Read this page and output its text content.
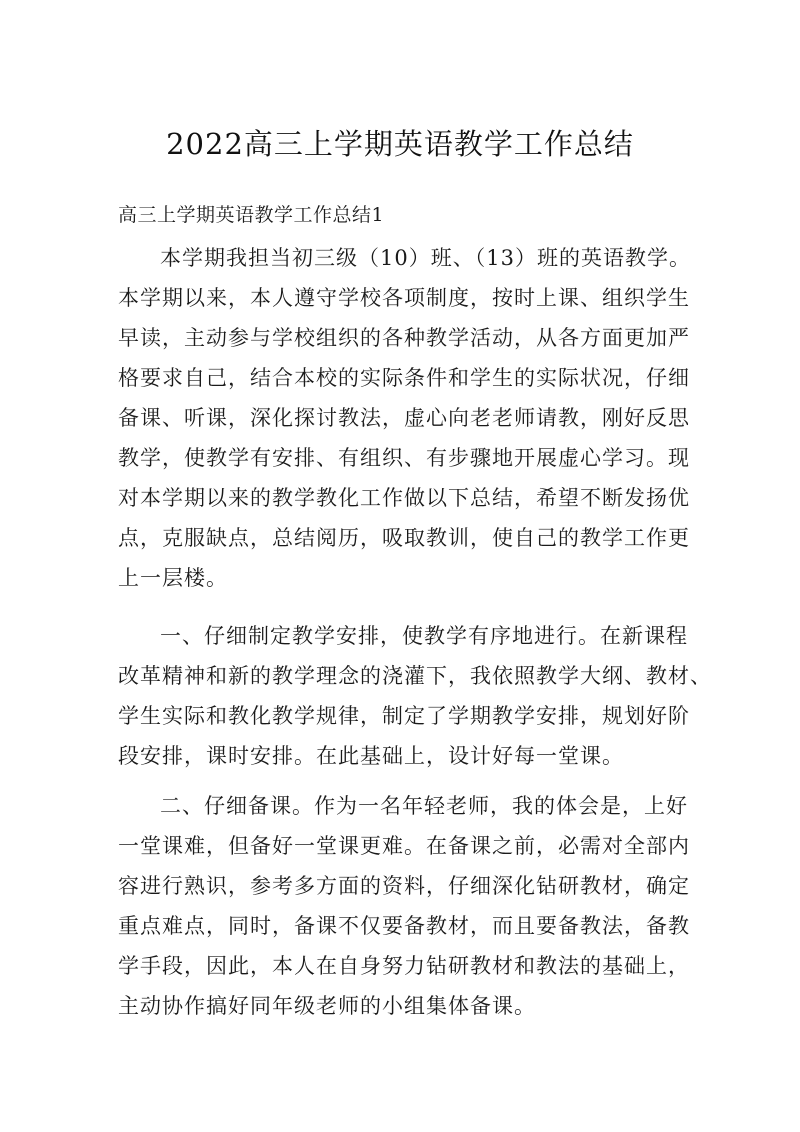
2022高三上学期英语教学工作总结
高三上学期英语教学工作总结1
本学期我担当初三级（10）班、（13）班的英语教学。
本学期以来，本人遵守学校各项制度，按时上课、组织学生
早读，主动参与学校组织的各种教学活动，从各方面更加严
格要求自己，结合本校的实际条件和学生的实际状况，仔细
备课、听课，深化探讨教法，虚心向老老师请教，刚好反思
教学，使教学有安排、有组织、有步骤地开展虚心学习。现
对本学期以来的教学教化工作做以下总结，希望不断发扬优
点，克服缺点，总结阅历，吸取教训，使自己的教学工作更
上一层楼。
一、仔细制定教学安排，使教学有序地进行。在新课程
改革精神和新的教学理念的浇灌下，我依照教学大纲、教材、
学生实际和教化教学规律，制定了学期教学安排，规划好阶
段安排，课时安排。在此基础上，设计好每一堂课。
二、仔细备课。作为一名年轻老师，我的体会是，上好
一堂课难，但备好一堂课更难。在备课之前，必需对全部内
容进行熟识，参考多方面的资料，仔细深化钻研教材，确定
重点难点，同时，备课不仅要备教材，而且要备教法，备教
学手段，因此，本人在自身努力钻研教材和教法的基础上，
主动协作搞好同年级老师的小组集体备课。
